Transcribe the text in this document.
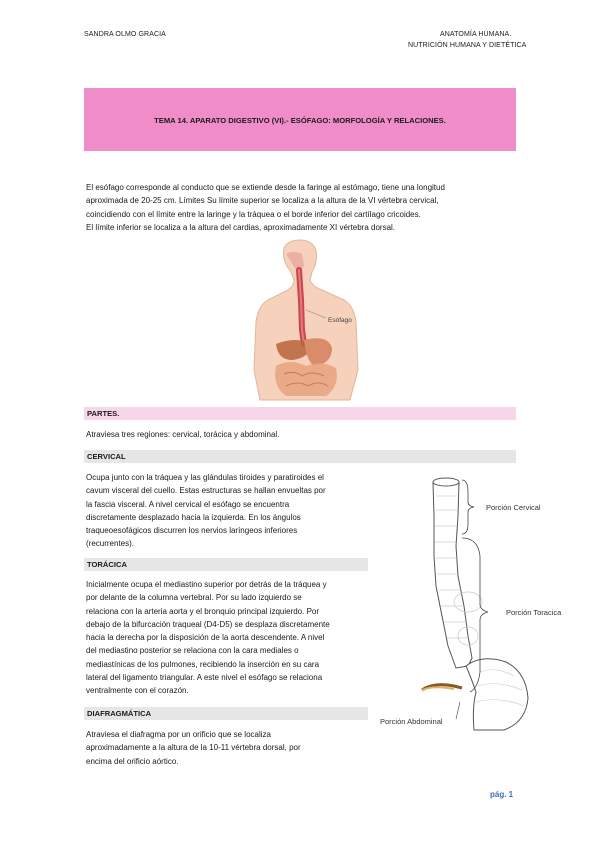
SANDRA OLMO GRACIA	ANATOMÍA HUMANA.
NUTRICIÓN HUMANA Y DIETÉTICA
TEMA 14. APARATO DIGESTIVO (VI).- ESÓFAGO: MORFOLOGÍA Y RELACIONES.
El esófago corresponde al conducto que se extiende desde la faringe al estómago, tiene una longitud
aproximada de 20-25 cm. Límites Su límite superior se localiza a la altura de la VI vértebra cervical,
coincidiendo con el límite entre la laringe y la tráquea o el borde inferior del cartílago cricoides.
El límite inferior se localiza a la altura del cardias, aproximadamente XI vértebra dorsal.
Esófago
PARTES.
Atraviesa tres regiones: cervical, torácica y abdominal.
CERVICAL
Ocupa junto con la tráquea y las glándulas tiroides y paratiroides el
cavum visceral del cuello. Estas estructuras se hallan envueltas por
la fascia visceral. A nivel cervical el esófago se encuentra
discretamente desplazado hacia la izquierda. En los ángulos
traqueoesofágicos discurren los nervios laríngeos inferiores
(recurrentes).
TORÁCICA
Inicialmente ocupa el mediastino superior por detrás de la tráquea y
por delante de la columna vertebral. Por su lado izquierdo se
relaciona con la arteria aorta y el bronquio principal izquierdo. Por
debajo de la bifurcación traqueal (D4-D5) se desplaza discretamente
hacia la derecha por la disposición de la aorta descendente. A nivel
del mediastino posterior se relaciona con la cara mediales o
mediastínicas de los pulmones, recibiendo la inserción en su cara
lateral del ligamento triangular. A este nivel el esófago se relaciona
ventralmente con el corazón.
DIAFRAGMÁTICA
Atraviesa el diafragma por un orificio que se localiza
aproximadamente a la altura de la 10-11 vértebra dorsal, por
encima del orificio aórtico.
Porción Cervical
Porción Toracica
Porción Abdominal
pág. 1
